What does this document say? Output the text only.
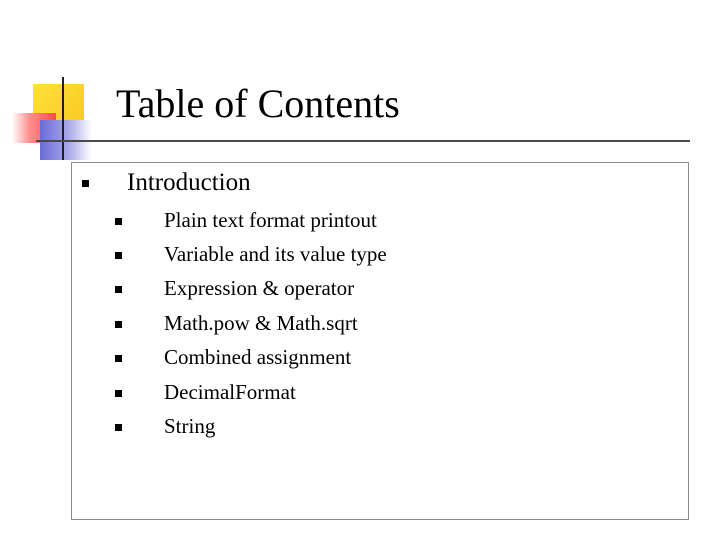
Table of Contents
Introduction
Plain text format printout
Variable and its value type
Expression & operator
Math.pow & Math.sqrt
Combined assignment
DecimalFormat
String
